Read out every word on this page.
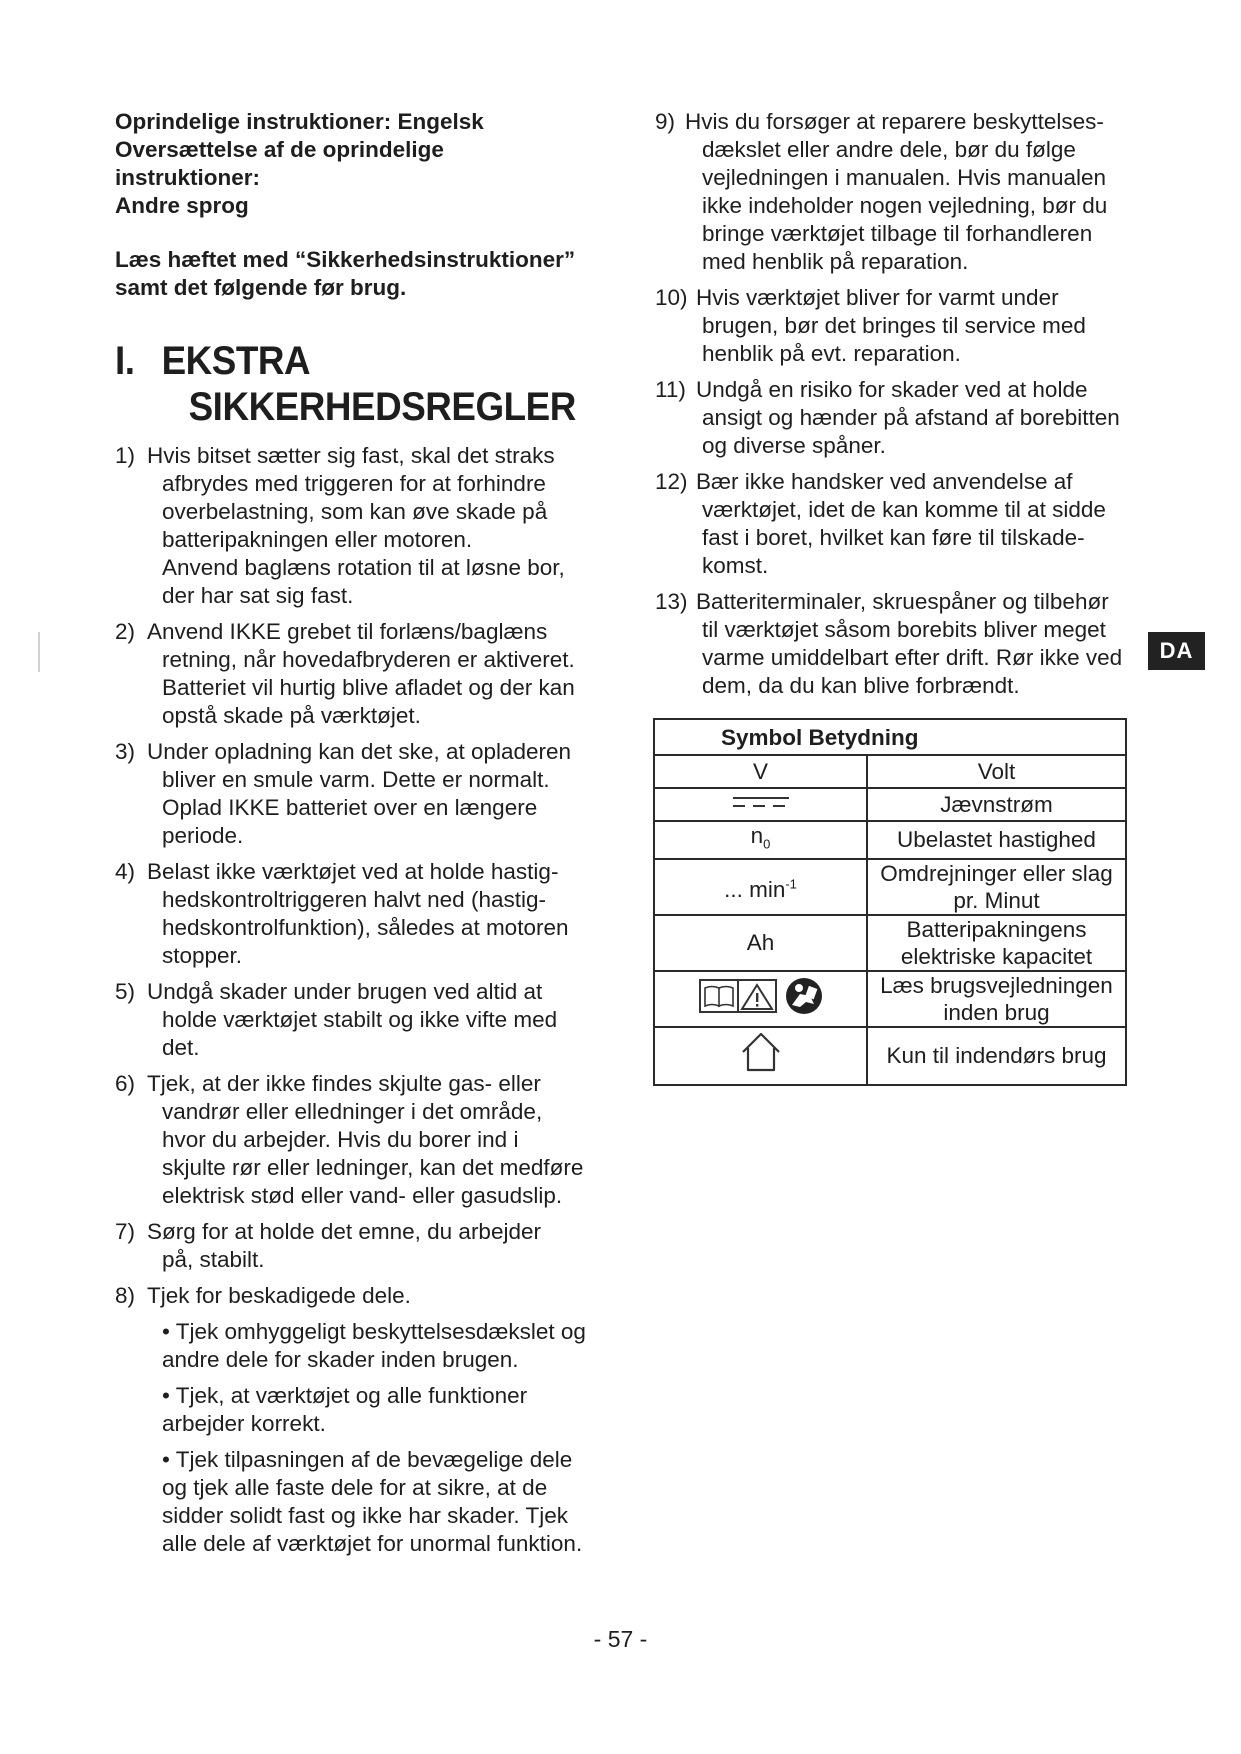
Oprindelige instruktioner: Engelsk
Oversættelse af de oprindelige instruktioner:
Andre sprog

Læs hæftet med “Sikkerhedsinstruktioner”
samt det følgende før brug.

I. EKSTRA
SIKKERHEDSREGLER
1) Hvis bitset sætter sig fast, skal det straks
afbrydes med triggeren for at forhindre
overbelastning, som kan øve skade på
batteripakningen eller motoren.
Anvend baglæns rotation til at løsne bor,
der har sat sig fast.
2) Anvend IKKE grebet til forlæns/baglæns
retning, når hovedafbryderen er aktiveret.
Batteriet vil hurtig blive afladet og der kan
opstå skade på værktøjet.
3) Under opladning kan det ske, at opladeren
bliver en smule varm. Dette er normalt.
Oplad IKKE batteriet over en længere
periode.
4) Belast ikke værktøjet ved at holde hastig-
hedskontroltriggeren halvt ned (hastig-
hedskontrolfunktion), således at motoren
stopper.
5) Undgå skader under brugen ved altid at
holde værktøjet stabilt og ikke vifte med
det.
6) Tjek, at der ikke findes skjulte gas- eller
vandrør eller elledninger i det område,
hvor du arbejder. Hvis du borer ind i
skjulte rør eller ledninger, kan det medføre
elektrisk stød eller vand- eller gasudslip.
7) Sørg for at holde det emne, du arbejder
på, stabilt.
8) Tjek for beskadigede dele.

• Tjek omhyggeligt beskyttelsesdækslet og
andre dele for skader inden brugen.

• Tjek, at værktøjet og alle funktioner
arbejder korrekt.

• Tjek tilpasningen af de bevægelige dele
og tjek alle faste dele for at sikre, at de
sidder solidt fast og ikke har skader. Tjek
alle dele af værktøjet for unormal funktion.

9) Hvis du forsøger at reparere beskyttelses-
dækslet eller andre dele, bør du følge
vejledningen i manualen. Hvis manualen
ikke indeholder nogen vejledning, bør du
bringe værktøjet tilbage til forhandleren
med henblik på reparation.
10) Hvis værktøjet bliver for varmt under
brugen, bør det bringes til service med
henblik på evt. reparation.
11) Undgå en risiko for skader ved at holde
ansigt og hænder på afstand af borebitten
og diverse spåner.
12) Bær ikke handsker ved anvendelse af
værktøjet, idet de kan komme til at sidde
fast i boret, hvilket kan føre til tilskade-
komst.
13) Batteriterminaler, skruespåner og tilbehør
til værktøjet såsom borebits bliver meget
varme umiddelbart efter drift. Rør ikke ved
dem, da du kan blive forbrændt.
Symbol Betydning	
V	Volt

	Jævnstrøm
$n_0$	Ubelastet hastighed
... $\min^{-1}$	Omdrejninger eller slag
pr. Minut
Ah	Batteripakningens
elektriske kapacitet
	Læs brugsvejledningen
inden brug
	Kun til indendørs brug
DA
- 57 -
